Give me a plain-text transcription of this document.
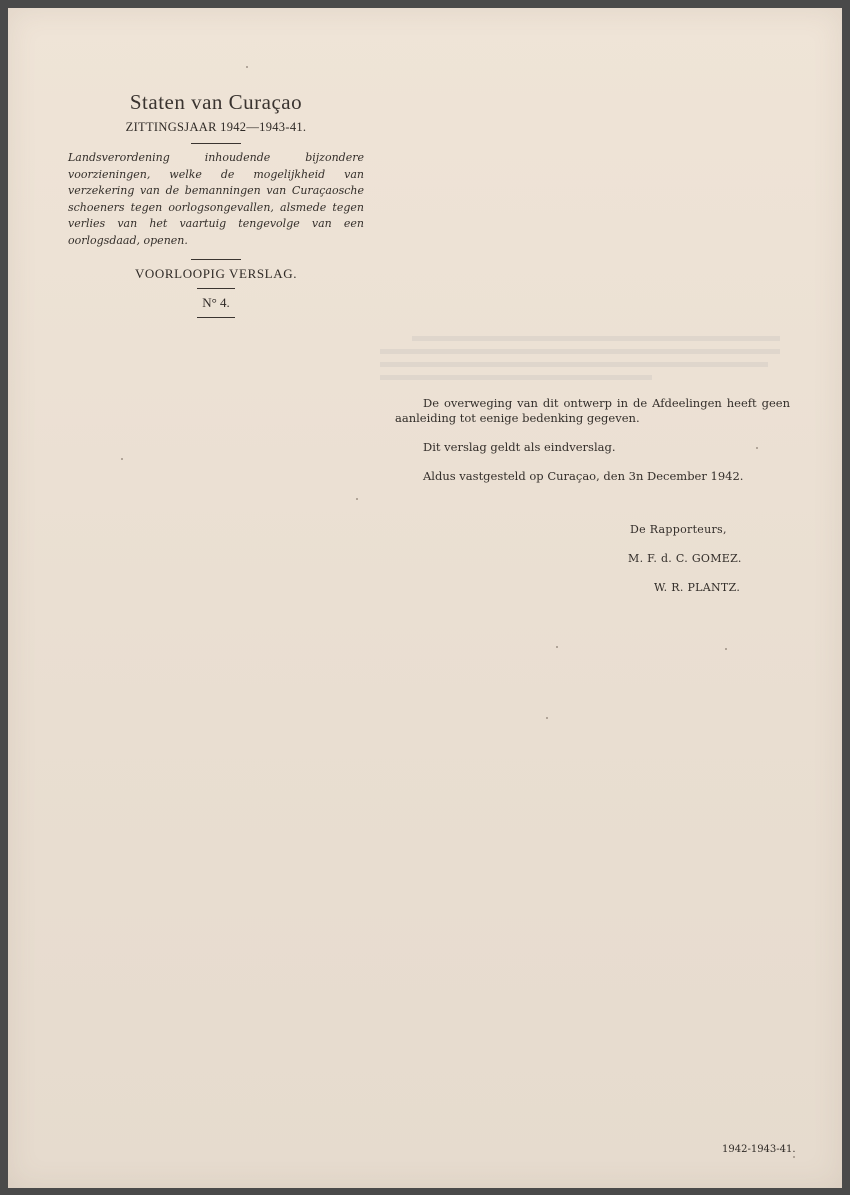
Staten van Curaçao
ZITTINGSJAAR 1942—1943-41.
Landsverordening inhoudende bijzondere voorzieningen, welke de mogelijkheid van verzekering van de bemanningen van Curaçaosche schoeners tegen oorlogsongevallen, alsmede tegen verlies van het vaartuig tengevolge van een oorlogsdaad, openen.
VOORLOOPIG VERSLAG.
N° 4.

De overweging van dit ontwerp in de Afdeelingen heeft geen aanleiding tot eenige bedenking gegeven.

Dit verslag geldt als eindverslag.

Aldus vastgesteld op Curaçao, den 3n December 1942.

De Rapporteurs,
M. F. d. C. GOMEZ.
W. R. PLANTZ.
1942-1943-41.
